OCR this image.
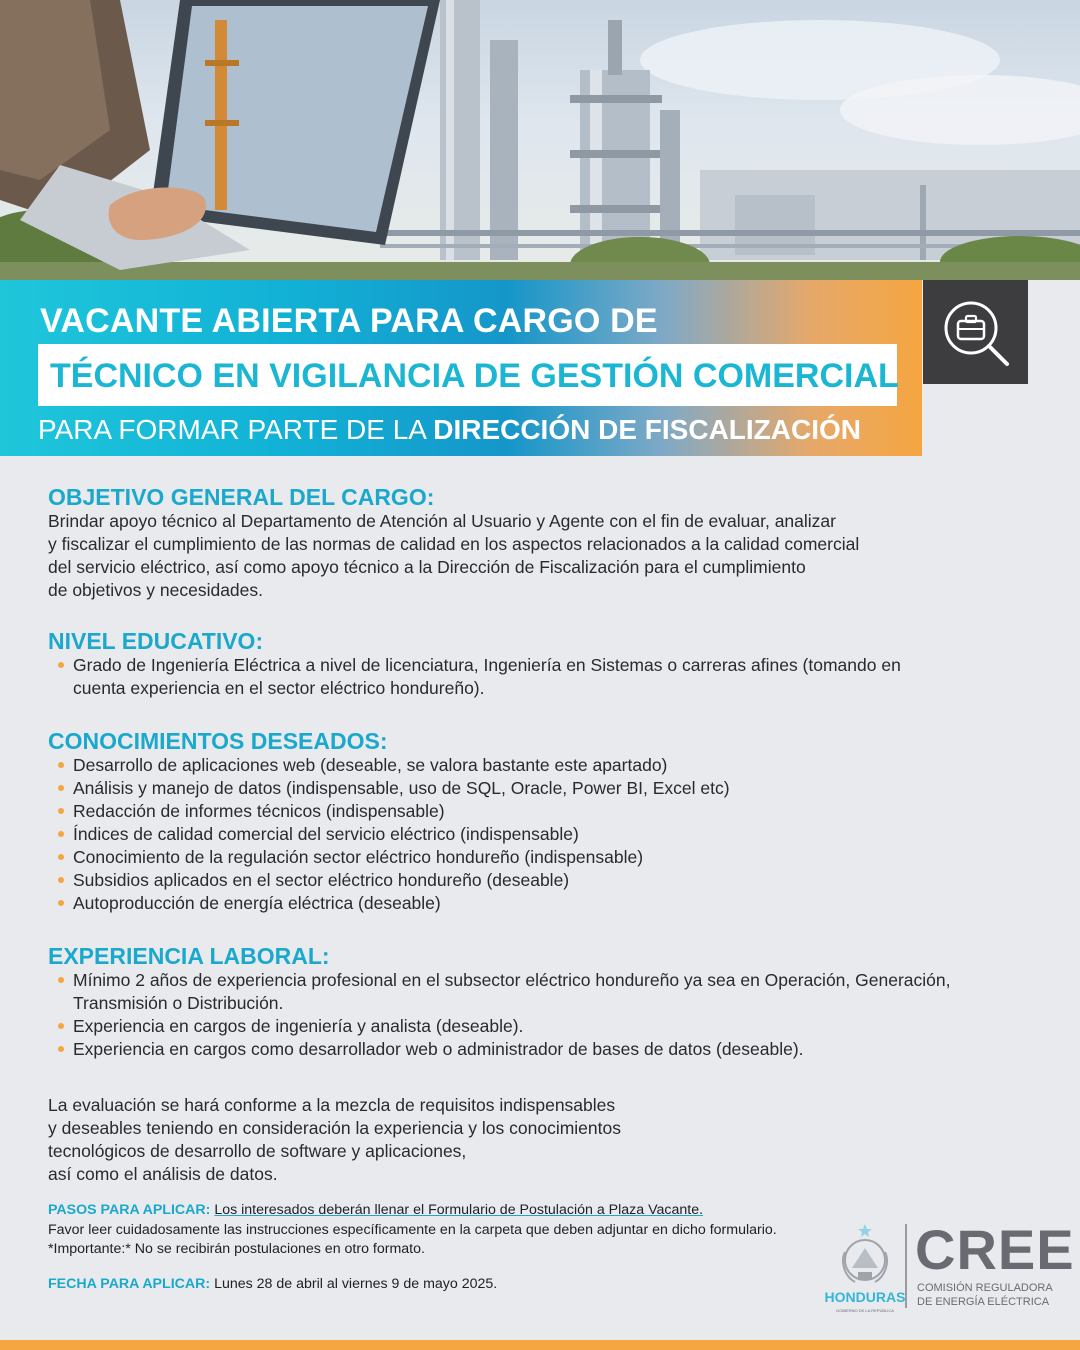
VACANTE ABIERTA PARA CARGO DE
TÉCNICO EN VIGILANCIA DE GESTIÓN COMERCIAL
PARA FORMAR PARTE DE LA DIRECCIÓN DE FISCALIZACIÓN
OBJETIVO GENERAL DEL CARGO:
Brindar apoyo técnico al Departamento de Atención al Usuario y Agente con el fin de evaluar, analizar
y fiscalizar el cumplimiento de las normas de calidad en los aspectos relacionados a la calidad comercial
del servicio eléctrico, así como apoyo técnico a la Dirección de Fiscalización para el cumplimiento
de objetivos y necesidades.
NIVEL EDUCATIVO:
Grado de Ingeniería Eléctrica a nivel de licenciatura, Ingeniería en Sistemas o carreras afines (tomando en cuenta experiencia en el sector eléctrico hondureño).
CONOCIMIENTOS DESEADOS:
Desarrollo de aplicaciones web (deseable, se valora bastante este apartado)
Análisis y manejo de datos (indispensable, uso de SQL, Oracle, Power BI, Excel etc)
Redacción de informes técnicos (indispensable)
Índices de calidad comercial del servicio eléctrico (indispensable)
Conocimiento de la regulación sector eléctrico hondureño (indispensable)
Subsidios aplicados en el sector eléctrico hondureño (deseable)
Autoproducción de energía eléctrica (deseable)
EXPERIENCIA LABORAL:
Mínimo 2 años de experiencia profesional en el subsector eléctrico hondureño ya sea en Operación, Generación, Transmisión o Distribución.
Experiencia en cargos de ingeniería y analista (deseable).
Experiencia en cargos como desarrollador web o administrador de bases de datos (deseable).
La evaluación se hará conforme a la mezcla de requisitos indispensables
y deseables teniendo en consideración la experiencia y los conocimientos
tecnológicos de desarrollo de software y aplicaciones,
así como el análisis de datos.
PASOS PARA APLICAR: Los interesados deberán llenar el Formulario de Postulación a Plaza Vacante.
Favor leer cuidadosamente las instrucciones específicamente en la carpeta que deben adjuntar en dicho formulario. *Importante:* No se recibirán postulaciones en otro formato.
FECHA PARA APLICAR: Lunes 28 de abril al viernes 9 de mayo 2025.
HONDURAS
GOBIERNO DE LA REPÚBLICA
CREE
COMISIÓN REGULADORA
DE ENERGÍA ELÉCTRICA
